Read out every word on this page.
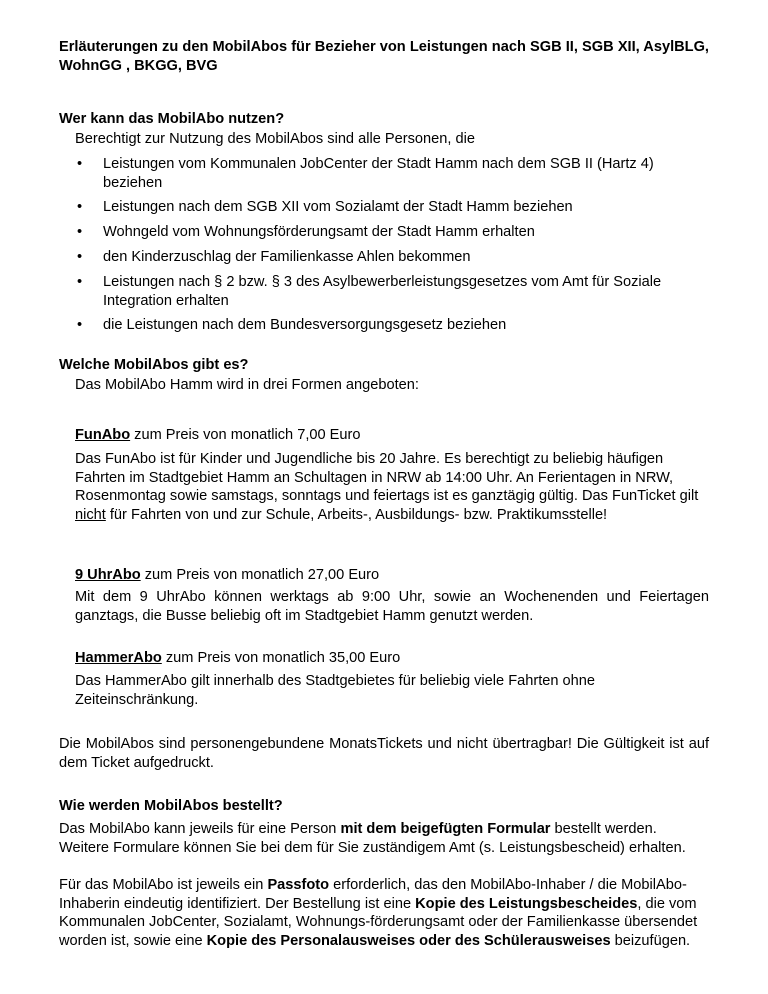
Erläuterungen zu den MobilAbos für Bezieher von Leistungen nach SGB II, SGB XII, AsylBLG, WohnGG , BKGG, BVG
Wer kann das MobilAbo nutzen?
Berechtigt zur Nutzung des MobilAbos sind alle Personen, die
• Leistungen vom Kommunalen JobCenter der Stadt Hamm nach dem SGB II (Hartz 4) beziehen
• Leistungen nach dem SGB XII vom Sozialamt der Stadt Hamm beziehen
• Wohngeld vom Wohnungsförderungsamt der Stadt Hamm erhalten
• den Kinderzuschlag der Familienkasse Ahlen bekommen
• Leistungen nach § 2 bzw. § 3 des Asylbewerberleistungsgesetzes vom Amt für Soziale Integration erhalten
• die Leistungen nach dem Bundesversorgungsgesetz beziehen
Welche MobilAbos gibt es?
Das MobilAbo Hamm wird in drei Formen angeboten:
FunAbo zum Preis von monatlich 7,00 Euro
Das FunAbo ist für Kinder und Jugendliche bis 20 Jahre. Es berechtigt zu beliebig häufigen Fahrten im Stadtgebiet Hamm an Schultagen in NRW ab 14:00 Uhr. An Ferientagen in NRW, Rosenmontag sowie samstags, sonntags und feiertags ist es ganztägig gültig. Das FunTicket gilt nicht für Fahrten von und zur Schule, Arbeits-, Ausbildungs- bzw. Praktikumsstelle!
9 UhrAbo zum Preis von monatlich 27,00 Euro
Mit dem 9 UhrAbo können werktags ab 9:00 Uhr, sowie an Wochenenden und Feiertagen ganztags, die Busse beliebig oft im Stadtgebiet Hamm genutzt werden.
HammerAbo zum Preis von monatlich 35,00 Euro
Das HammerAbo gilt innerhalb des Stadtgebietes für beliebig viele Fahrten ohne Zeiteinschränkung.
Die MobilAbos sind personengebundene MonatsTickets und nicht übertragbar! Die Gültigkeit ist auf dem Ticket aufgedruckt.
Wie werden MobilAbos bestellt?
Das MobilAbo kann jeweils für eine Person mit dem beigefügten Formular bestellt werden. Weitere Formulare können Sie bei dem für Sie zuständigem Amt (s. Leistungsbescheid) erhalten.
Für das MobilAbo ist jeweils ein Passfoto erforderlich, das den MobilAbo-Inhaber / die MobilAbo-Inhaberin eindeutig identifiziert. Der Bestellung ist eine Kopie des Leistungsbescheides, die vom Kommunalen JobCenter, Sozialamt, Wohnungs-förderungsamt oder der Familienkasse übersendet worden ist, sowie eine Kopie des Personalausweises oder des Schülerausweises beizufügen.
